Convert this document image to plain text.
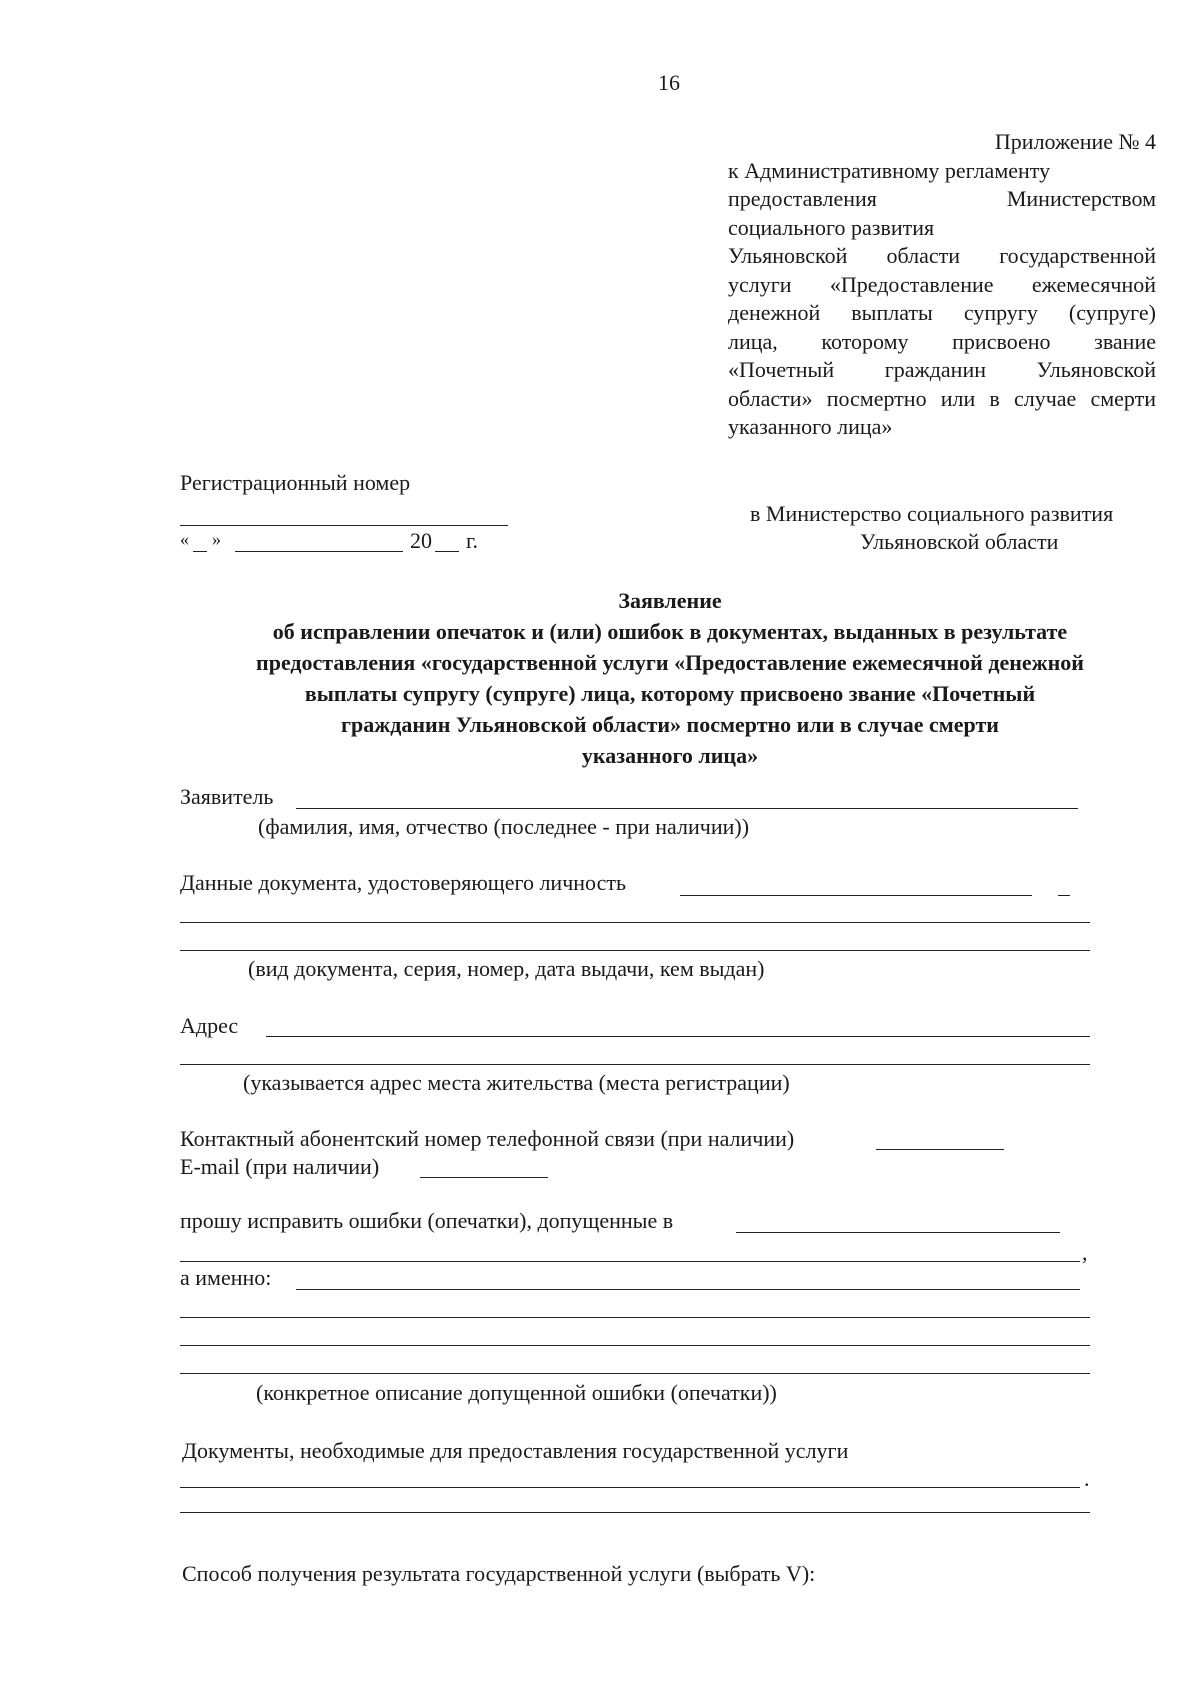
16
Приложение № 4
к Административному регламенту
предоставления Министерством
социального развития
Ульяновской области государственной
услуги «Предоставление ежемесячной
денежной выплаты супругу (супруге)
лица, которому присвоено звание
«Почетный гражданин Ульяновской
области» посмертно или в случае смерти
указанного лица»
Регистрационный номер
« »	20 г.
в Министерство социального развития
Ульяновской области
Заявление
об исправлении опечаток и (или) ошибок в документах, выданных в результате
предоставления «государственной услуги «Предоставление ежемесячной денежной
выплаты супругу (супруге) лица, которому присвоено звание «Почетный
гражданин Ульяновской области» посмертно или в случае смерти
указанного лица»
Заявитель
(фамилия, имя, отчество (последнее - при наличии))
Данные документа, удостоверяющего личность
(вид документа, серия, номер, дата выдачи, кем выдан)
Адрес
(указывается адрес места жительства (места регистрации)
Контактный абонентский номер телефонной связи (при наличии)
E-mail (при наличии)
прошу исправить ошибки (опечатки), допущенные в
,
а именно:
(конкретное описание допущенной ошибки (опечатки))
Документы, необходимые для предоставления государственной услуги
.
Способ получения результата государственной услуги (выбрать V):
